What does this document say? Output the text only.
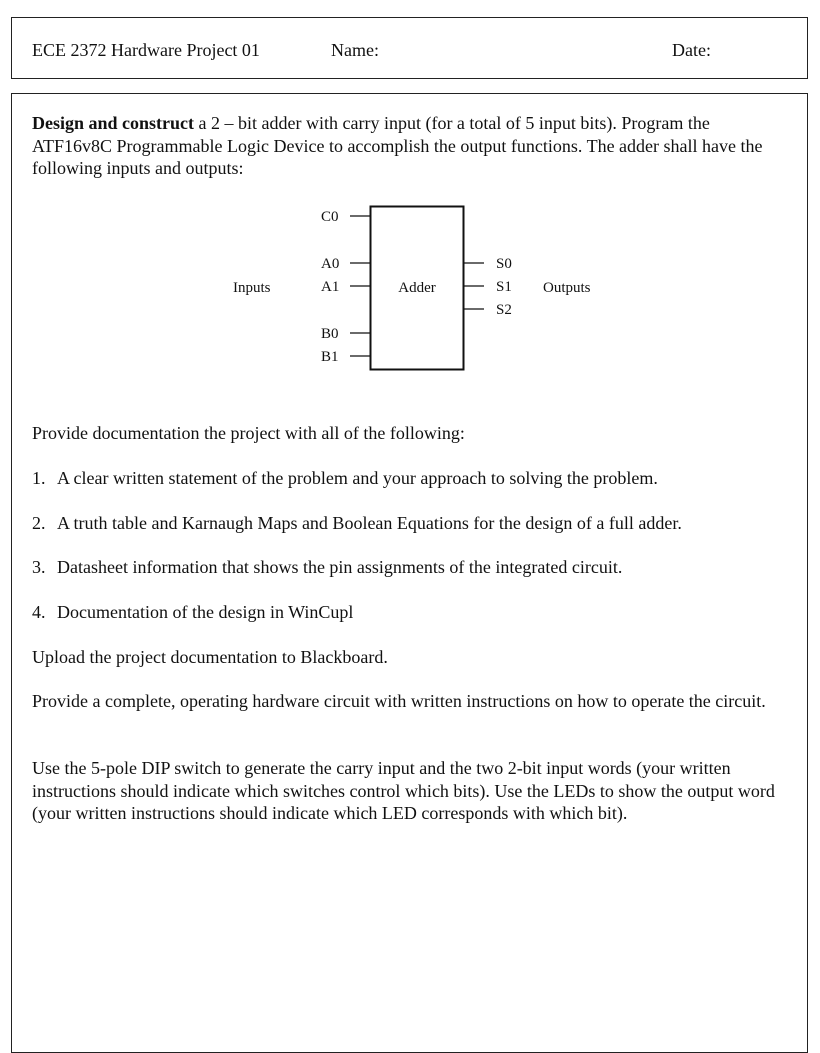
ECE 2372 Hardware Project 01	Name:	Date:

Design and construct a 2 – bit adder with carry input (for a total of 5 input bits). Program the ATF16v8C Programmable Logic Device to accomplish the output functions. The adder shall have the following inputs and outputs:

Adder
Inputs	Outputs
C0
A0
A1
B0
B1
S0
S1
S2

Provide documentation the project with all of the following:

1. A clear written statement of the problem and your approach to solving the problem.
2. A truth table and Karnaugh Maps and Boolean Equations for the design of a full adder.
3. Datasheet information that shows the pin assignments of the integrated circuit.
4. Documentation of the design in WinCupl

Upload the project documentation to Blackboard.

Provide a complete, operating hardware circuit with written instructions on how to operate the circuit.

Use the 5-pole DIP switch to generate the carry input and the two 2-bit input words (your written instructions should indicate which switches control which bits). Use the LEDs to show the output word (your written instructions should indicate which LED corresponds with which bit).
